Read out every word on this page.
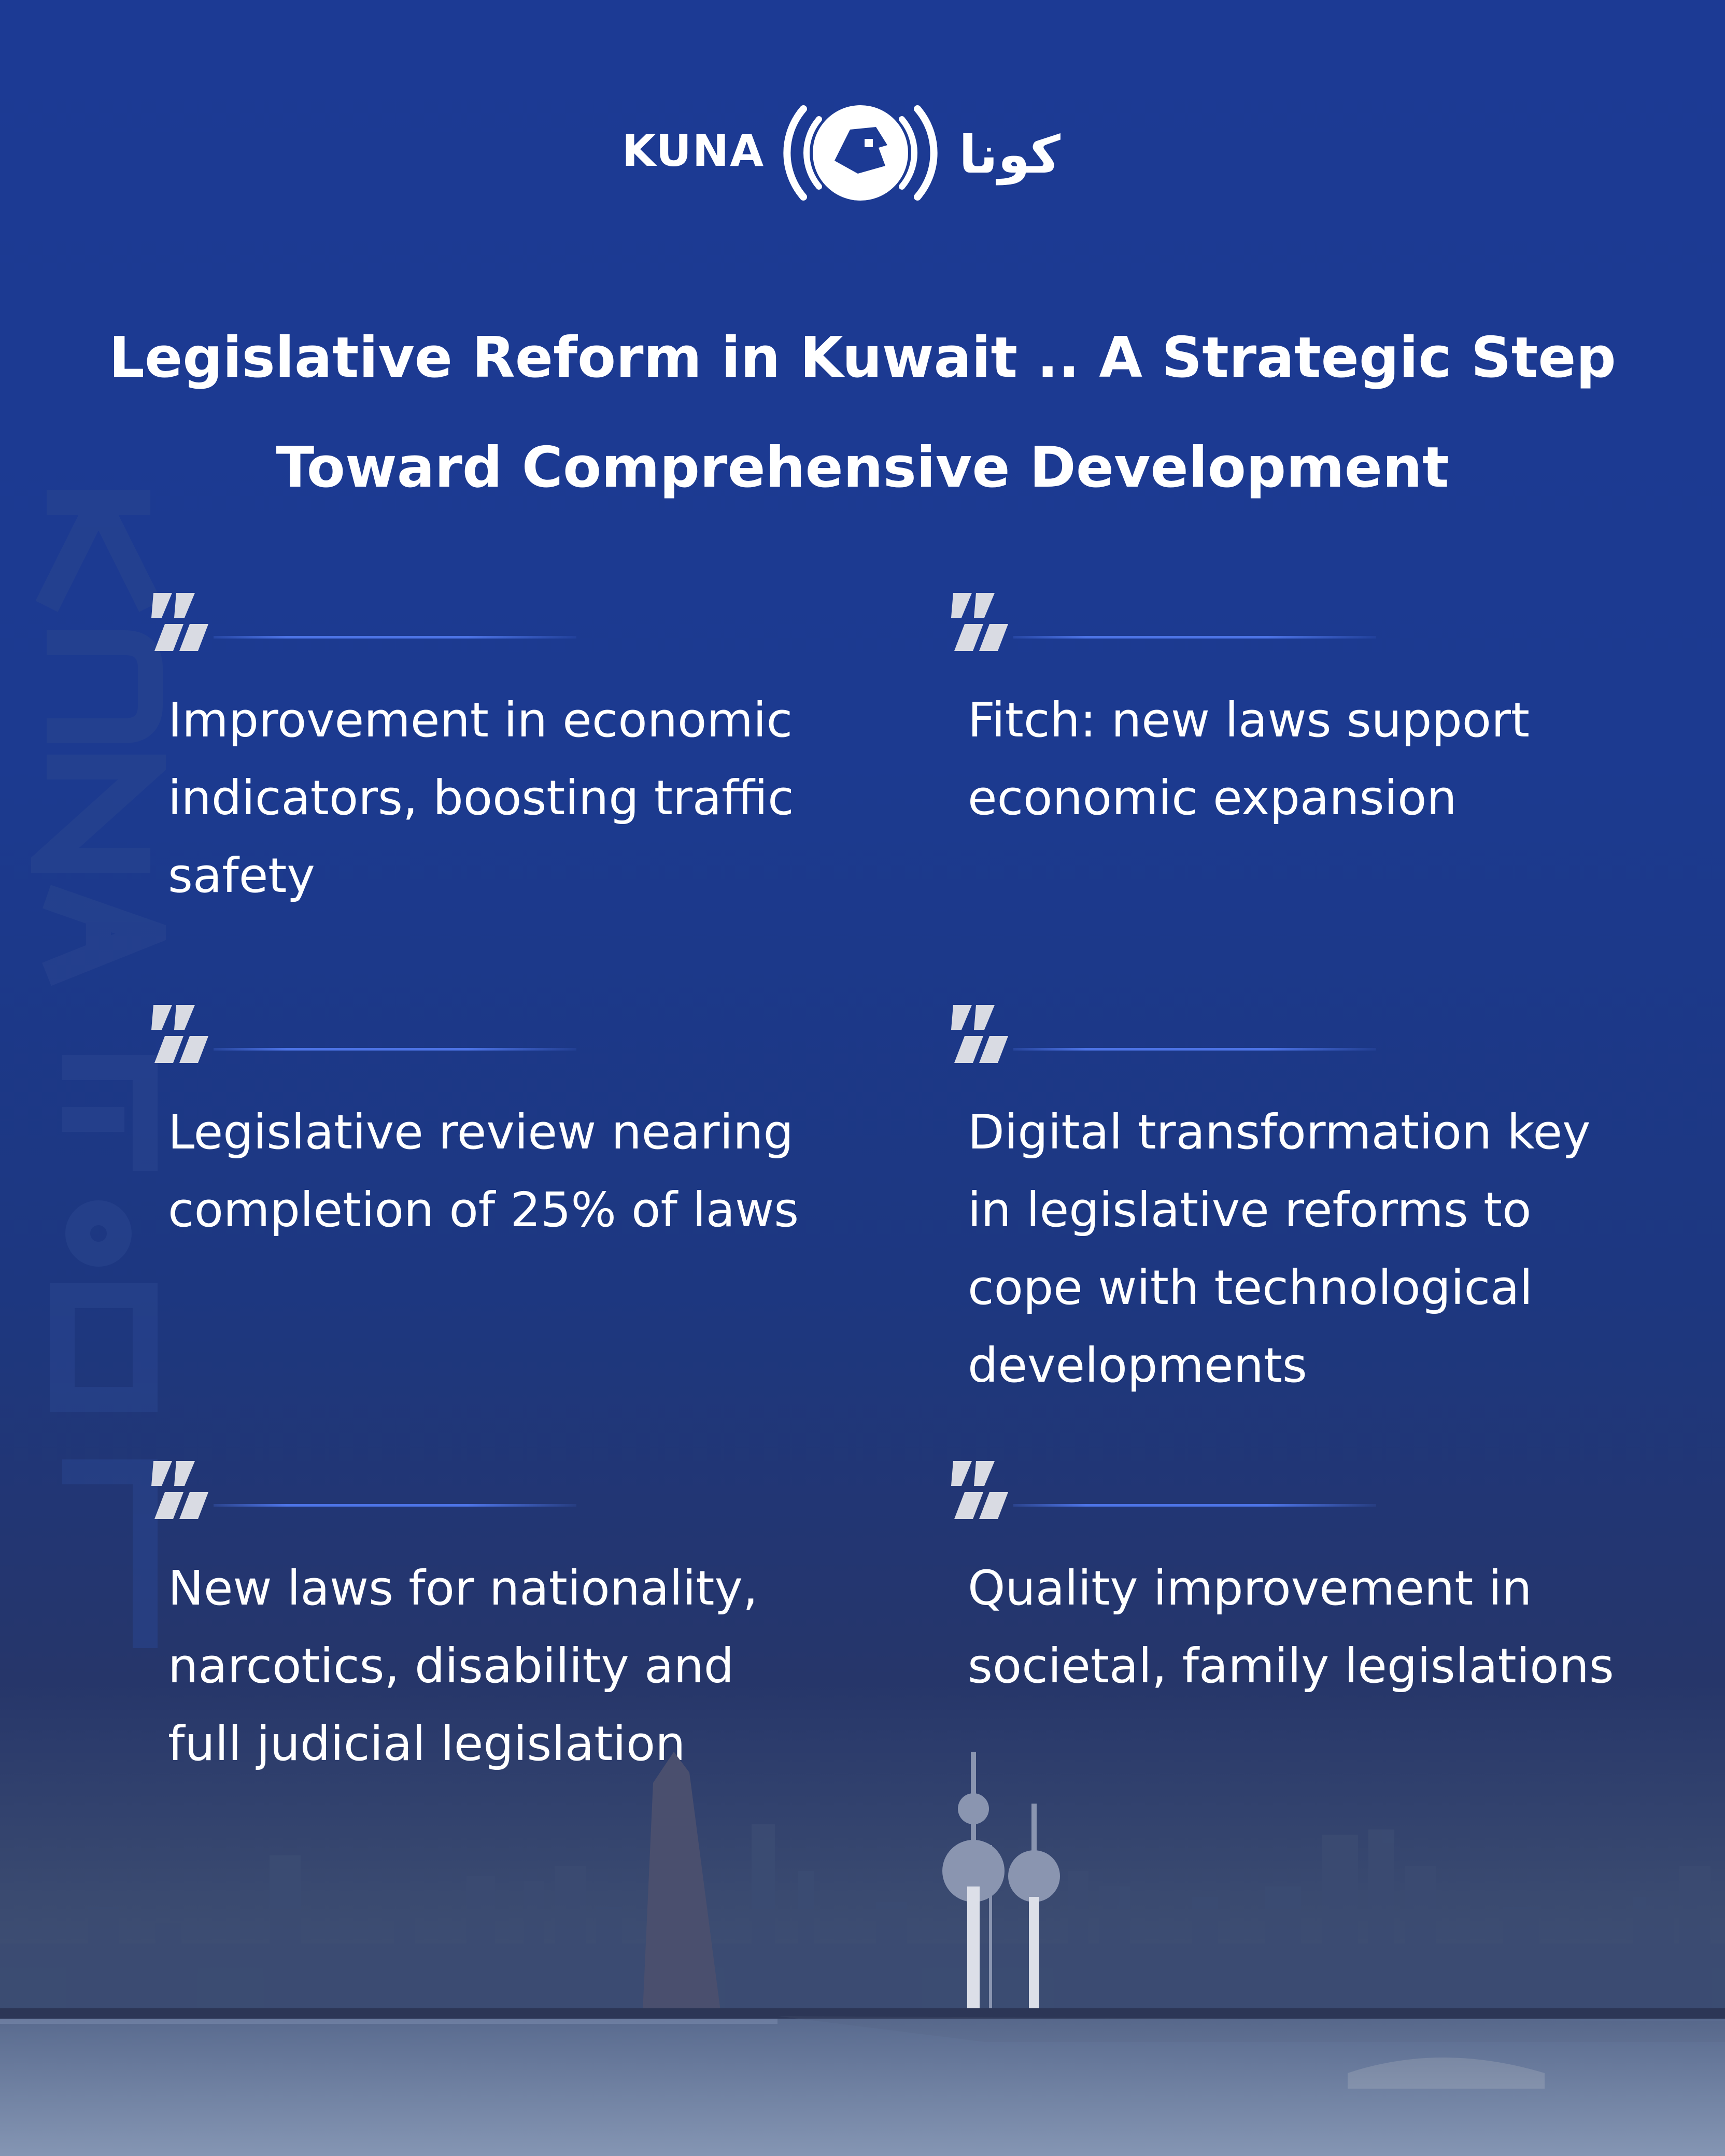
KUNA	كونا
Legislative Reform in Kuwait .. A Strategic Step
Toward Comprehensive Development
Improvement in economic indicators, boosting traffic safety
Fitch: new laws support economic expansion
Legislative review nearing completion of 25% of laws
Digital transformation key in legislative reforms to cope with technological developments
New laws for nationality, narcotics, disability and full judicial legislation
Quality improvement in societal, family legislations
